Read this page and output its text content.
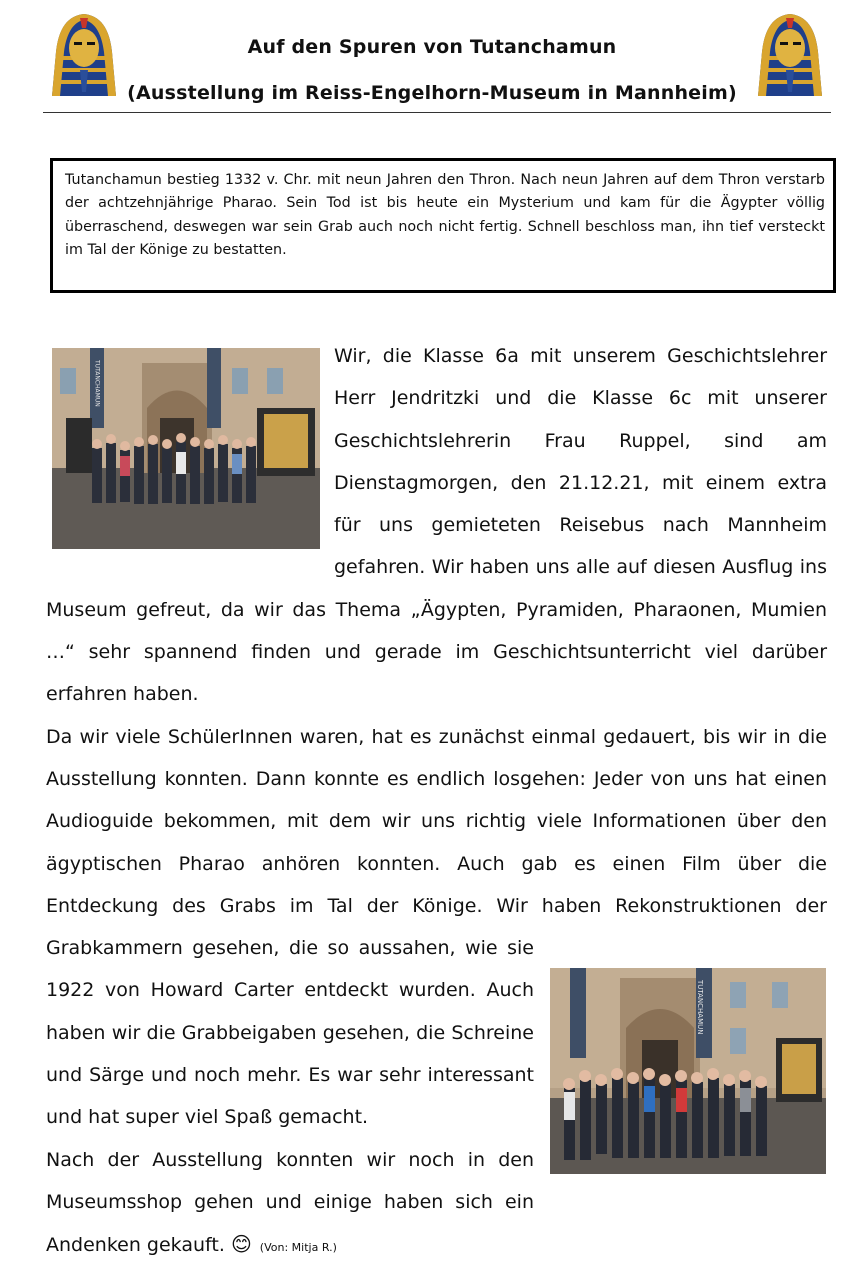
Auf den Spuren von Tutanchamun
(Ausstellung im Reiss-Engelhorn-Museum in Mannheim)

Tutanchamun bestieg 1332 v. Chr. mit neun Jahren den Thron. Nach neun Jahren auf dem Thron verstarb der achtzehnjährige Pharao. Sein Tod ist bis heute ein Mysterium und kam für die Ägypter völlig überraschend, deswegen war sein Grab auch noch nicht fertig. Schnell beschloss man, ihn tief versteckt im Tal der Könige zu bestatten.

TUTANCHAMUN
TUTANCHAMUN

Wir, die Klasse 6a mit unserem Geschichtslehrer Herr Jendritzki und die Klasse 6c mit unserer Geschichtslehrerin Frau Ruppel, sind am Dienstagmorgen, den 21.12.21, mit einem extra für uns gemieteten Reisebus nach Mannheim gefahren. Wir haben uns alle auf diesen Ausflug ins Museum gefreut, da wir das Thema „Ägypten, Pyramiden, Pharaonen, Mumien …“ sehr spannend finden und gerade im Geschichtsunterricht viel darüber erfahren haben.

Da wir viele SchülerInnen waren, hat es zunächst einmal gedauert, bis wir in die Ausstellung konnten. Dann konnte es endlich losgehen: Jeder von uns hat einen Audioguide bekommen, mit dem wir uns richtig viele Informationen über den ägyptischen Pharao anhören konnten. Auch gab es einen Film über die Entdeckung des Grabs im Tal der Könige. Wir haben Rekonstruktionen der Grabkammern gesehen, die so aussahen, wie sie 1922 von Howard Carter entdeckt wurden. Auch haben wir die Grabbeigaben gesehen, die Schreine und Särge und noch mehr. Es war sehr interessant und hat super viel Spaß gemacht.

Nach der Ausstellung konnten wir noch in den Museumsshop gehen und einige haben sich ein Andenken gekauft. 😊 (Von: Mitja R.)
